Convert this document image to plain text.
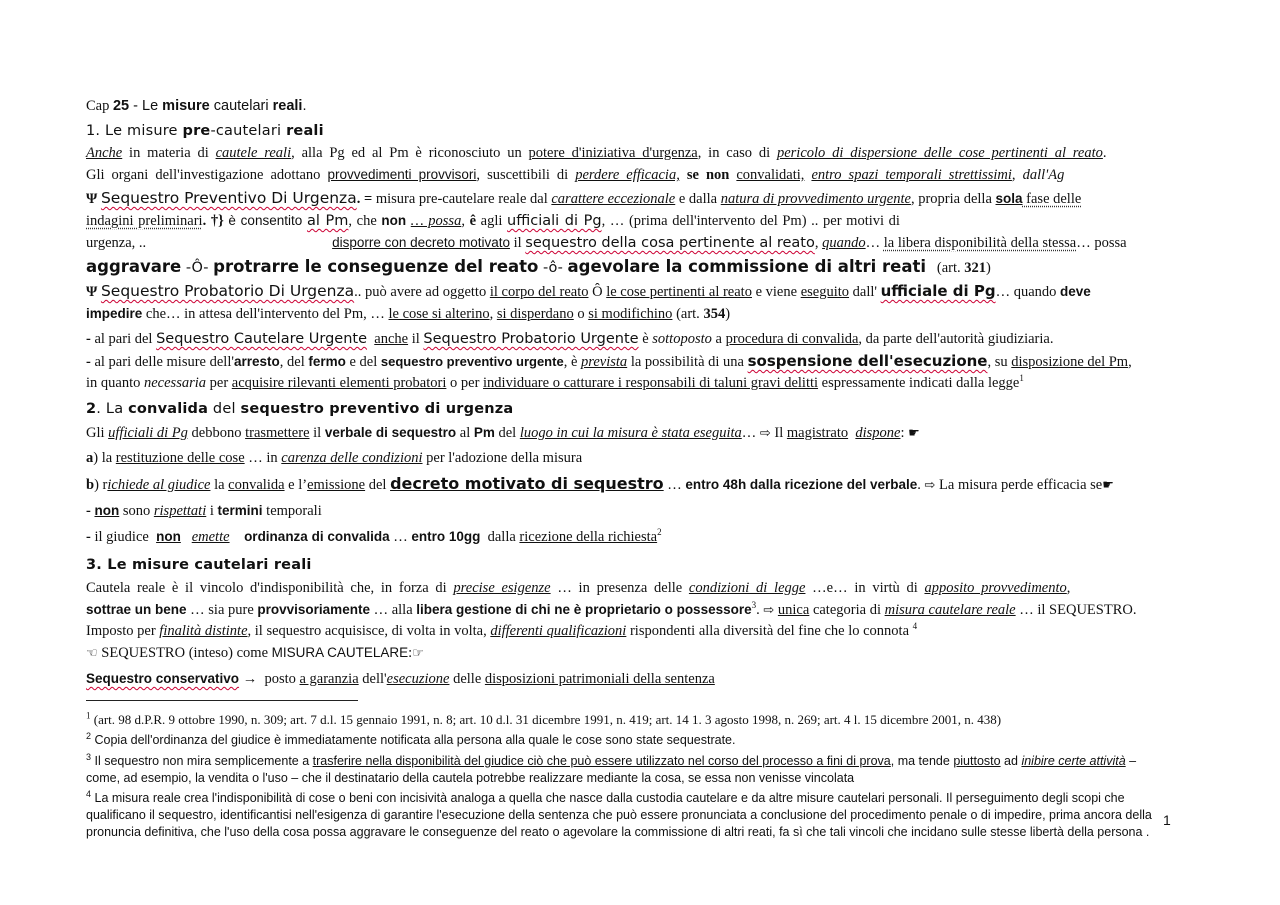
Cap 25 - Le misure cautelari reali.
1. Le misure pre-cautelari reali
Anche in materia di cautele reali, alla Pg ed al Pm è riconosciuto un potere d'iniziativa d'urgenza, in caso di pericolo di dispersione delle cose pertinenti al reato.
Gli organi dell'investigazione adottano provvedimenti provvisori, suscettibili di perdere efficacia, se non convalidati, entro spazi temporali strettissimi, dall'Ag
Ψ Sequestro Preventivo Di Urgenza. = misura pre-cautelare reale dal carattere eccezionale e dalla natura di provvedimento urgente, propria della sola fase delle
indagini preliminari. †} è consentito al Pm, che non … possa, ê agli ufficiali di Pg, … (prima dell'intervento del Pm) .. per motivi di
urgenza, ..	disporre con decreto motivato il sequestro della cosa pertinente al reato, quando… la libera disponibilità della stessa… possa
aggravare -Ô- protrarre le conseguenze del reato -ô- agevolare la commissione di altri reati (art. 321)
Ψ Sequestro Probatorio Di Urgenza.. può avere ad oggetto il corpo del reato Ô le cose pertinenti al reato e viene eseguito dall' ufficiale di Pg… quando deve
impedire che… in attesa dell'intervento del Pm, … le cose si alterino, si disperdano o si modifichino (art. 354)
- al pari del Sequestro Cautelare Urgente anche il Sequestro Probatorio Urgente è sottoposto a procedura di convalida, da parte dell'autorità giudiziaria.
- al pari delle misure dell'arresto, del fermo e del sequestro preventivo urgente, è prevista la possibilità di una sospensione dell'esecuzione, su disposizione del Pm,
in quanto necessaria per acquisire rilevanti elementi probatori o per individuare o catturare i responsabili di taluni gravi delitti espressamente indicati dalla legge$^1$
2. La convalida del sequestro preventivo di urgenza
Gli ufficiali di Pg debbono trasmettere il verbale di sequestro al Pm del luogo in cui la misura è stata eseguita… ⇨ Il magistrato dispone: ☛
a) la restituzione delle cose … in carenza delle condizioni per l'adozione della misura
b) richiede al giudice la convalida e l’emissione del decreto motivato di sequestro … entro 48h dalla ricezione del verbale. ⇨ La misura perde efficacia se☛
- non sono rispettati i termini temporali
- il giudice  non emette ordinanza di convalida … entro 10gg  dalla ricezione della richiesta$^2$
3. Le misure cautelari reali
Cautela reale è il vincolo d'indisponibilità che, in forza di precise esigenze … in presenza delle condizioni di legge …e… in virtù di apposito provvedimento,
sottrae un bene … sia pure provvisoriamente … alla libera gestione di chi ne è proprietario o possessore$^3$. ⇨ unica categoria di misura cautelare reale … il SEQUESTRO.
Imposto per finalità distinte, il sequestro acquisisce, di volta in volta, differenti qualificazioni rispondenti alla diversità del fine che lo connota $^4$
☜ SEQUESTRO (inteso) come MISURA CAUTELARE:☞
Sequestro conservativo →  posto a garanzia dell'esecuzione delle disposizioni patrimoniali della sentenza
$^1$ (art. 98 d.P.R. 9 ottobre 1990, n. 309; art. 7 d.l. 15 gennaio 1991, n. 8; art. 10 d.l. 31 dicembre 1991, n. 419; art. 14 1. 3 agosto 1998, n. 269; art. 4 l. 15 dicembre 2001, n. 438)
$^2$ Copia dell'ordinanza del giudice è immediatamente notificata alla persona alla quale le cose sono state sequestrate.
$^3$ Il sequestro non mira semplicemente a trasferire nella disponibilità del giudice ciò che può essere utilizzato nel corso del processo a fini di prova, ma tende piuttosto ad inibire certe attività –
come, ad esempio, la vendita o l'uso – che il destinatario della cautela potrebbe realizzare mediante la cosa, se essa non venisse vincolata
$^4$ La misura reale crea l'indisponibilità di cose o beni con incisività analoga a quella che nasce dalla custodia cautelare e da altre misure cautelari personali. Il perseguimento degli scopi che
qualificano il sequestro, identificantisi nell'esigenza di garantire l'esecuzione della sentenza che può essere pronunciata a conclusione del procedimento penale o di impedire, prima ancora della
pronuncia definitiva, che l'uso della cosa possa aggravare le conseguenze del reato o agevolare la commissione di altri reati, fa sì che tali vincoli che incidano sulle stesse libertà della persona .
1
